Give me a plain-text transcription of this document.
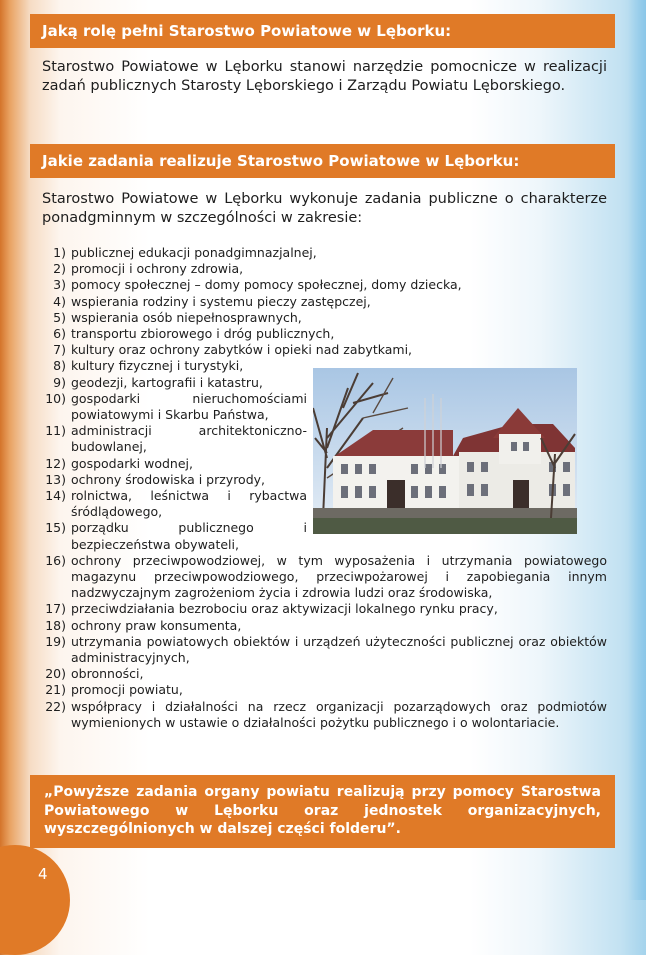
Jaką rolę pełni Starostwo Powiatowe w Lęborku:
Starostwo Powiatowe w Lęborku stanowi narzędzie pomocnicze w realizacji zadań publicznych Starosty Lęborskiego i Zarządu Powiatu Lęborskiego.
Jakie zadania realizuje Starostwo Powiatowe w Lęborku:
Starostwo Powiatowe w Lęborku wykonuje zadania publiczne o charakterze ponadgminnym w szczególności w zakresie:
1) publicznej edukacji ponadgimnazjalnej,
2) promocji i ochrony zdrowia,
3) pomocy społecznej – domy pomocy społecznej, domy dziecka,
4) wspierania rodziny i systemu pieczy zastępczej,
5) wspierania osób niepełnosprawnych,
6) transportu zbiorowego i dróg publicznych,
7) kultury oraz ochrony zabytków i opieki nad zabytkami,
8) kultury fizycznej i turystyki,
9) geodezji, kartografii i katastru,
10) gospodarki nieruchomościami powiatowymi i Skarbu Państwa,
11) administracji architektoniczno-budowlanej,
12) gospodarki wodnej,
13) ochrony środowiska i przyrody,
14) rolnictwa, leśnictwa i rybactwa śródlądowego,
15) porządku publicznego i bezpieczeństwa obywateli,
16) ochrony przeciwpowodziowej, w tym wyposażenia i utrzymania powiatowego magazynu przeciwpowodziowego, przeciwpożarowej i zapobiegania innym nadzwyczajnym zagrożeniom życia i zdrowia ludzi oraz środowiska,
17) przeciwdziałania bezrobociu oraz aktywizacji lokalnego rynku pracy,
18) ochrony praw konsumenta,
19) utrzymania powiatowych obiektów i urządzeń użyteczności publicznej oraz obiektów administracyjnych,
20) obronności,
21) promocji powiatu,
22) współpracy i działalności na rzecz organizacji pozarządowych oraz podmiotów wymienionych w ustawie o działalności pożytku publicznego i o wolontariacie.
„Powyższe zadania organy powiatu realizują przy pomocy Starostwa Powiatowego w Lęborku oraz jednostek organizacyjnych, wyszczególnionych w dalszej części folderu”.
4
